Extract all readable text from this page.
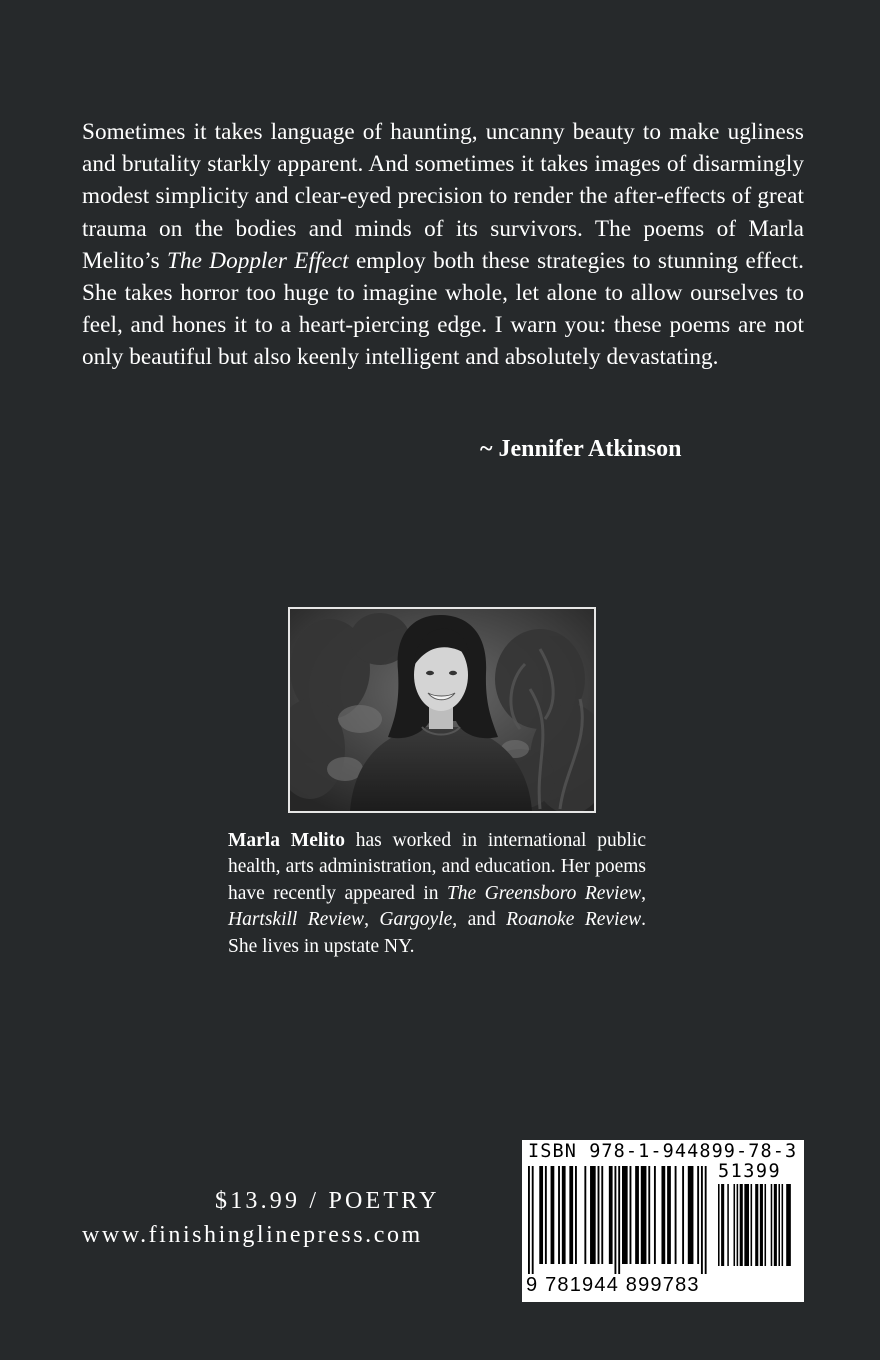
Sometimes it takes language of haunting, uncanny beauty to make ugliness and brutality starkly apparent. And sometimes it takes images of disarmingly modest simplicity and clear-eyed precision to render the after-effects of great trauma on the bodies and minds of its survivors. The poems of Marla Melito’s The Doppler Effect employ both these strategies to stunning effect. She takes horror too huge to imagine whole, let alone to allow ourselves to feel, and hones it to a heart-piercing edge. I warn you: these poems are not only beautiful but also keenly intelligent and absolutely devastating.

~ Jennifer Atkinson

Marla Melito has worked in international public health, arts administration, and education. Her poems have recently appeared in The Greensboro Review, Hartskill Review, Gargoyle, and Roanoke Review. She lives in upstate NY.

$13.99 / POETRY

www.finishinglinepress.com

ISBN 978-1-944899-78-3
51399
9 781944 899783
